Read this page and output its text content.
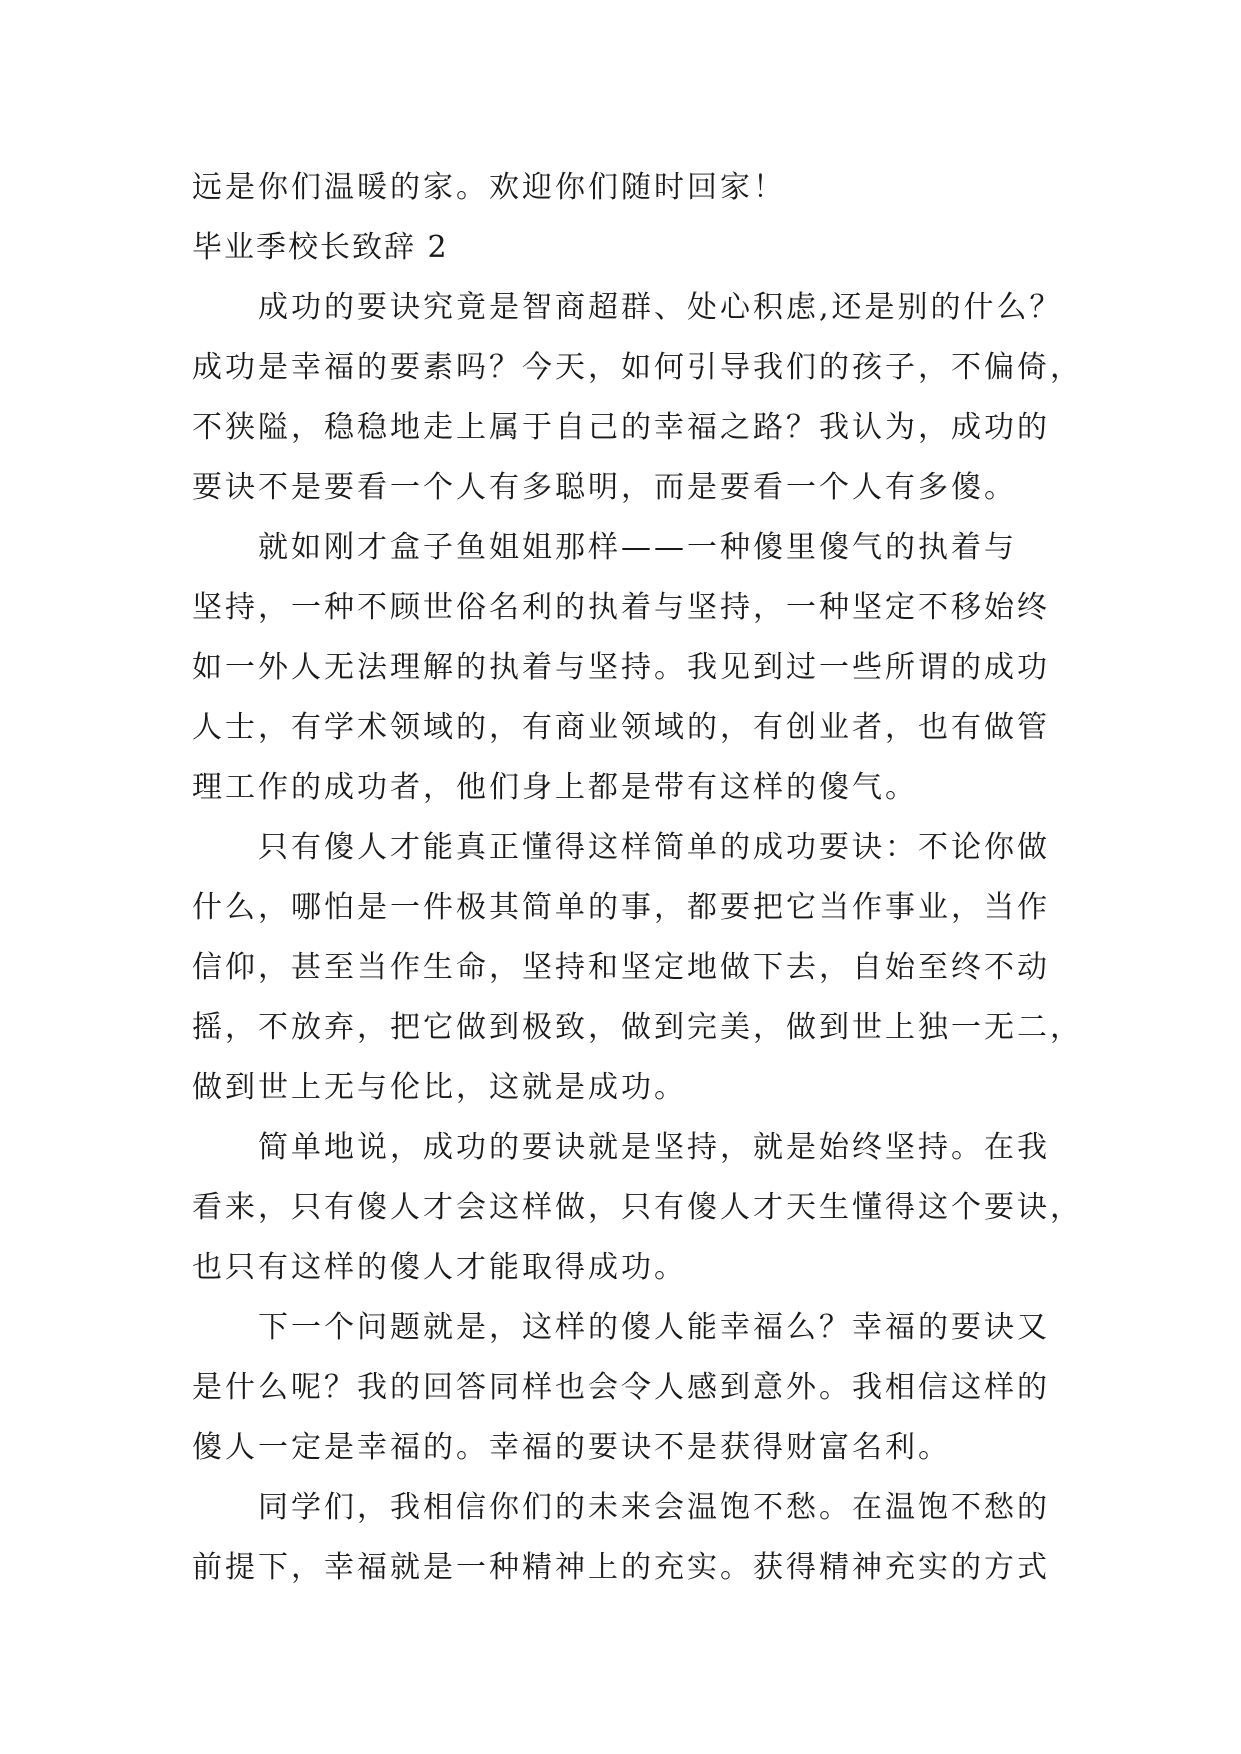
远是你们温暖的家。欢迎你们随时回家！
毕业季校长致辞 2
成功的要诀究竟是智商超群、处心积虑,还是别的什么？
成功是幸福的要素吗？今天，如何引导我们的孩子，不偏倚，
不狭隘，稳稳地走上属于自己的幸福之路？我认为，成功的
要诀不是要看一个人有多聪明，而是要看一个人有多傻。
就如刚才盒子鱼姐姐那样——一种傻里傻气的执着与
坚持，一种不顾世俗名利的执着与坚持，一种坚定不移始终
如一外人无法理解的执着与坚持。我见到过一些所谓的成功
人士，有学术领域的，有商业领域的，有创业者，也有做管
理工作的成功者，他们身上都是带有这样的傻气。
只有傻人才能真正懂得这样简单的成功要诀：不论你做
什么，哪怕是一件极其简单的事，都要把它当作事业，当作
信仰，甚至当作生命，坚持和坚定地做下去，自始至终不动
摇，不放弃，把它做到极致，做到完美，做到世上独一无二，
做到世上无与伦比，这就是成功。
简单地说，成功的要诀就是坚持，就是始终坚持。在我
看来，只有傻人才会这样做，只有傻人才天生懂得这个要诀，
也只有这样的傻人才能取得成功。
下一个问题就是，这样的傻人能幸福么？幸福的要诀又
是什么呢？我的回答同样也会令人感到意外。我相信这样的
傻人一定是幸福的。幸福的要诀不是获得财富名利。
同学们，我相信你们的未来会温饱不愁。在温饱不愁的
前提下，幸福就是一种精神上的充实。获得精神充实的方式
